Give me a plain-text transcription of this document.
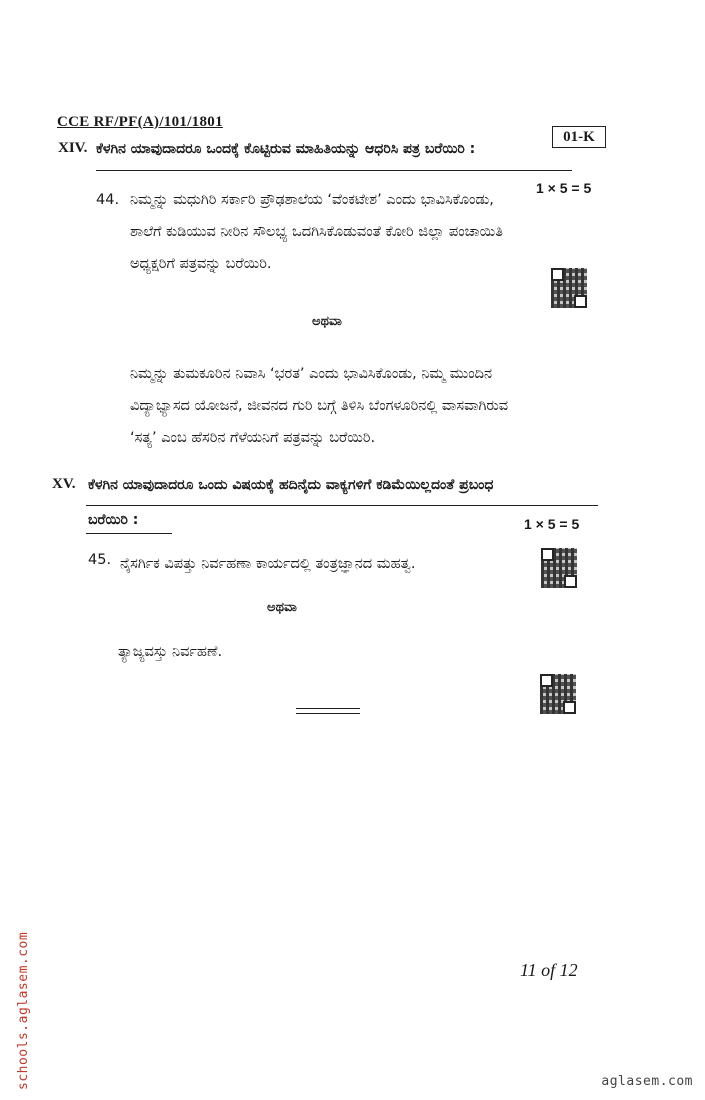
CCE RF/PF(A)/101/1801
01-K
XIV. ಕೆಳಗಿನ ಯಾವುದಾದರೂ ಒಂದಕ್ಕೆ ಕೊಟ್ಟಿರುವ ಮಾಹಿತಿಯನ್ನು ಆಧರಿಸಿ ಪತ್ರ ಬರೆಯಿರಿ :
1 × 5 = 5
44. ನಿಮ್ಮನ್ನು ಮಧುಗಿರಿ ಸರ್ಕಾರಿ ಪ್ರೌಢಶಾಲೆಯ ‘ವೆಂಕಟೇಶ’ ಎಂದು ಭಾವಿಸಿಕೊಂಡು,
ಶಾಲೆಗೆ ಕುಡಿಯುವ ನೀರಿನ ಸೌಲಭ್ಯ ಒದಗಿಸಿಕೊಡುವಂತೆ ಕೋರಿ ಜಿಲ್ಲಾ ಪಂಚಾಯಿತಿ
ಅಧ್ಯಕ್ಷರಿಗೆ ಪತ್ರವನ್ನು ಬರೆಯಿರಿ.
ಅಥವಾ
ನಿಮ್ಮನ್ನು ತುಮಕೂರಿನ ನಿವಾಸಿ ‘ಭರತ’ ಎಂದು ಭಾವಿಸಿಕೊಂಡು, ನಿಮ್ಮ ಮುಂದಿನ
ವಿದ್ಯಾಭ್ಯಾಸದ ಯೋಜನೆ, ಜೀವನದ ಗುರಿ ಬಗ್ಗೆ ತಿಳಿಸಿ ಬೆಂಗಳೂರಿನಲ್ಲಿ ವಾಸವಾಗಿರುವ
‘ಸತ್ಯ’ ಎಂಬ ಹೆಸರಿನ ಗೆಳೆಯನಿಗೆ ಪತ್ರವನ್ನು ಬರೆಯಿರಿ.
XV. ಕೆಳಗಿನ ಯಾವುದಾದರೂ ಒಂದು ವಿಷಯಕ್ಕೆ ಹದಿನೈದು ವಾಕ್ಯಗಳಿಗೆ ಕಡಿಮೆಯಿಲ್ಲದಂತೆ ಪ್ರಬಂಧ
ಬರೆಯಿರಿ :	1 × 5 = 5
45. ನೈಸರ್ಗಿಕ ವಿಪತ್ತು ನಿರ್ವಹಣಾ ಕಾರ್ಯದಲ್ಲಿ ತಂತ್ರಜ್ಞಾನದ ಮಹತ್ವ.
ಅಥವಾ
ತ್ಯಾಜ್ಯವಸ್ತು ನಿರ್ವಹಣೆ.
11 of 12
schools.aglasem.com	aglasem.com
